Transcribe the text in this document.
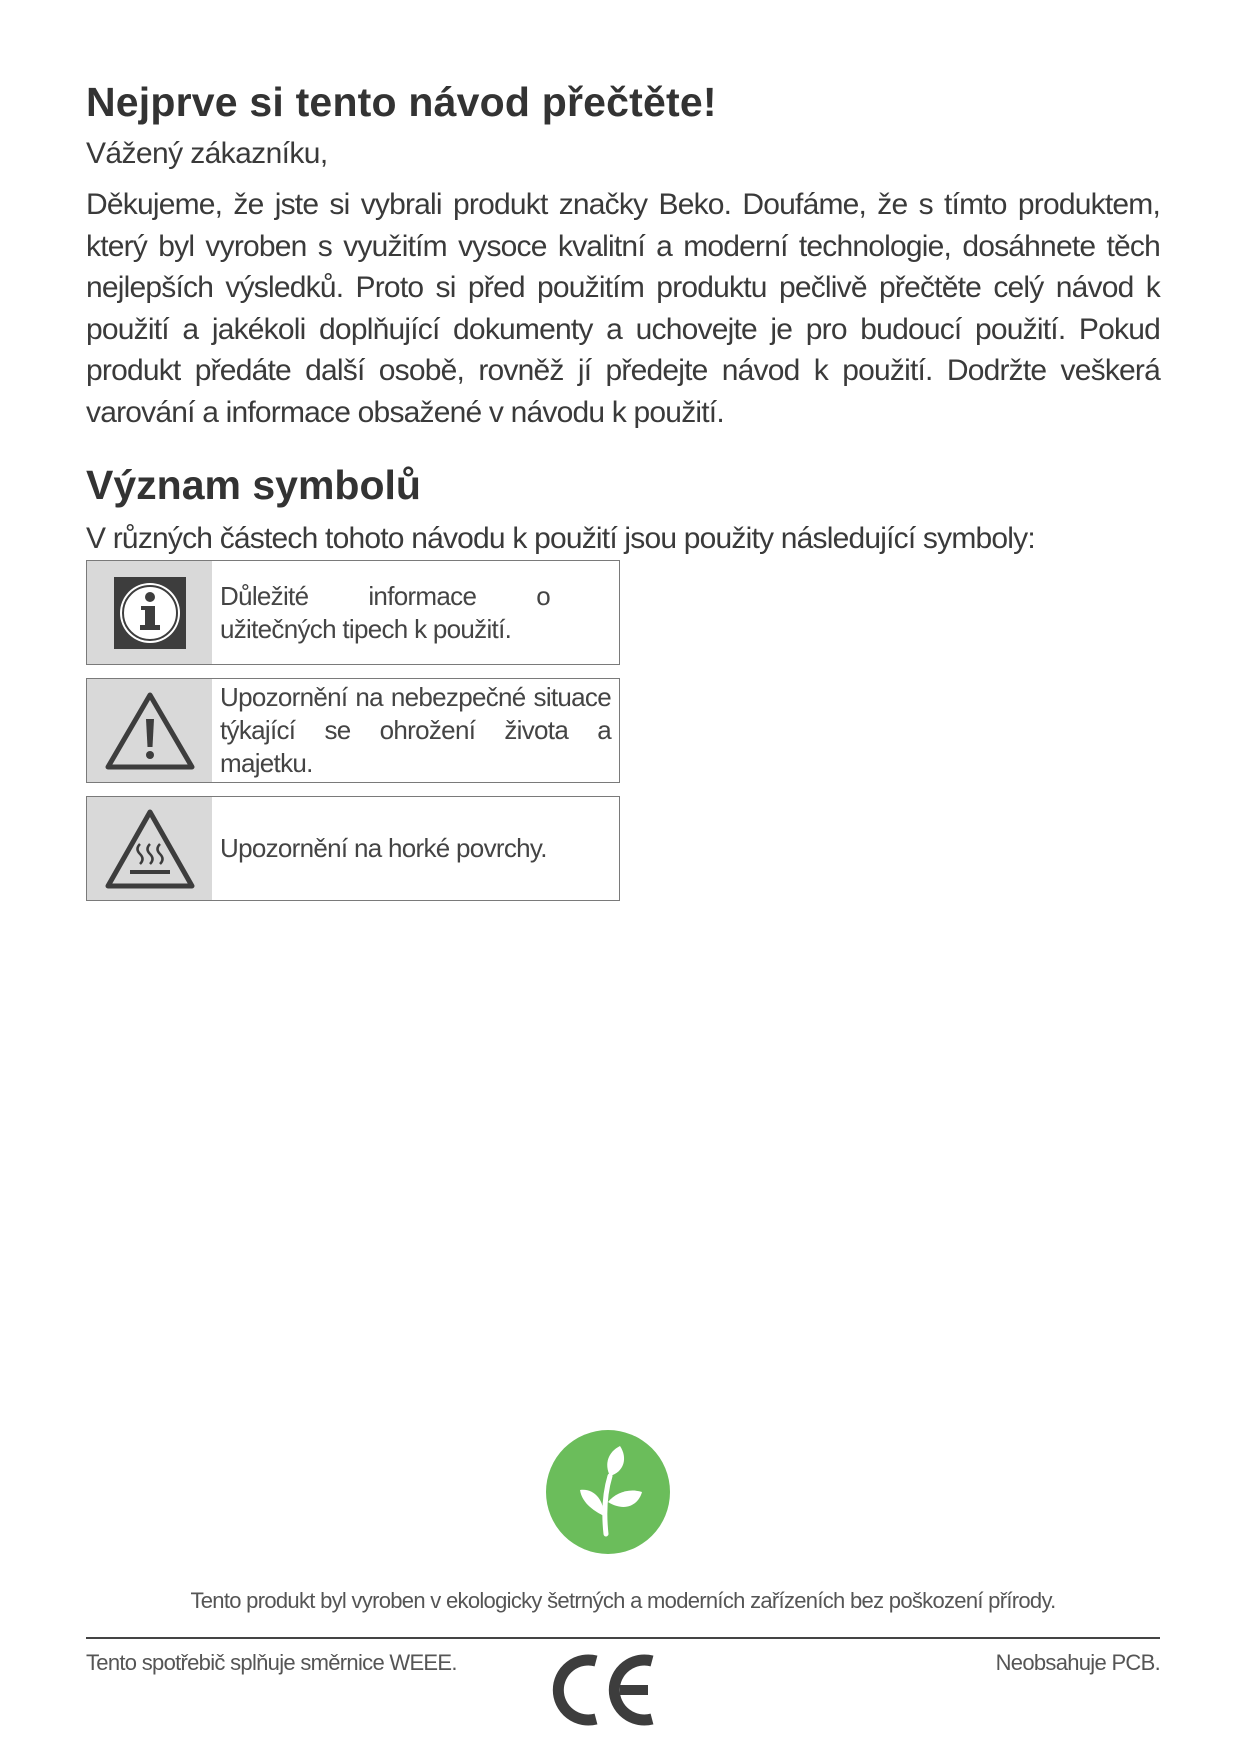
Nejprve si tento návod přečtěte!

Vážený zákazníku,

Děkujeme, že jste si vybrali produkt značky Beko. Doufáme, že s tímto produktem, který byl vyroben s využitím vysoce kvalitní a moderní technologie, dosáhnete těch nejlepších výsledků. Proto si před použitím produktu pečlivě přečtěte celý návod k použití a jakékoli doplňující dokumenty a uchovejte je pro budoucí použití. Pokud produkt předáte další osobě, rovněž jí předejte návod k použití. Dodržte veškerá varování a informace obsažené v návodu k použití.

Význam symbolů

V různých částech tohoto návodu k použití jsou použity následující symboly:

Důležité informace o užitečných tipech k použití.
Upozornění na nebezpečné situace týkající se ohrožení života a majetku.
Upozornění na horké povrchy.
Tento produkt byl vyroben v ekologicky šetrných a moderních zařízeních bez poškození přírody.
Tento spotřebič splňuje směrnice WEEE.	Neobsahuje PCB.
